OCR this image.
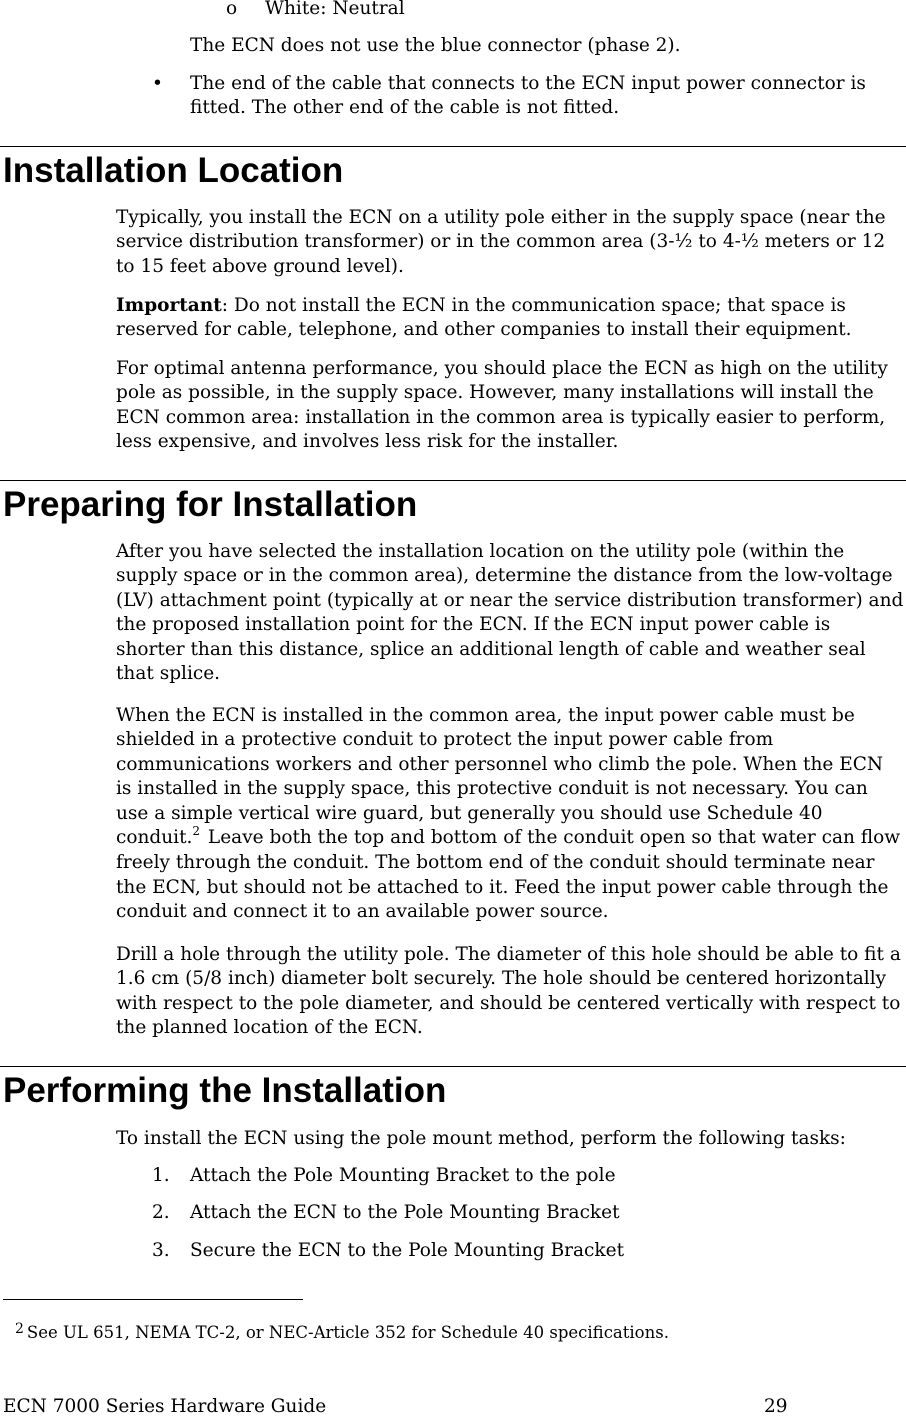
o White: Neutral

The ECN does not use the blue connector (phase 2).

• The end of the cable that connects to the ECN input power connector is
fitted. The other end of the cable is not fitted.
Installation Location

Typically, you install the ECN on a utility pole either in the supply space (near the service distribution transformer) or in the common area (3-½ to 4-½ meters or 12 to 15 feet above ground level).

Important: Do not install the ECN in the communication space; that space is reserved for cable, telephone, and other companies to install their equipment.

For optimal antenna performance, you should place the ECN as high on the utility pole as possible, in the supply space. However, many installations will install the ECN common area: installation in the common area is typically easier to perform, less expensive, and involves less risk for the installer.

Preparing for Installation

After you have selected the installation location on the utility pole (within the supply space or in the common area), determine the distance from the low-voltage (LV) attachment point (typically at or near the service distribution transformer) and the proposed installation point for the ECN. If the ECN input power cable is shorter than this distance, splice an additional length of cable and weather seal that splice.

When the ECN is installed in the common area, the input power cable must be shielded in a protective conduit to protect the input power cable from communications workers and other personnel who climb the pole. When the ECN is installed in the supply space, this protective conduit is not necessary. You can use a simple vertical wire guard, but generally you should use Schedule 40 conduit.$^2$ Leave both the top and bottom of the conduit open so that water can flow freely through the conduit. The bottom end of the conduit should terminate near the ECN, but should not be attached to it. Feed the input power cable through the conduit and connect it to an available power source.

Drill a hole through the utility pole. The diameter of this hole should be able to fit a 1.6 cm (5/8 inch) diameter bolt securely. The hole should be centered horizontally with respect to the pole diameter, and should be centered vertically with respect to the planned location of the ECN.

Performing the Installation

To install the ECN using the pole mount method, perform the following tasks:

1. Attach the Pole Mounting Bracket to the pole
2. Attach the ECN to the Pole Mounting Bracket
3. Secure the ECN to the Pole Mounting Bracket
$^2$ See UL 651, NEMA TC-2, or NEC-Article 352 for Schedule 40 specifications.
ECN 7000 Series Hardware Guide	29
